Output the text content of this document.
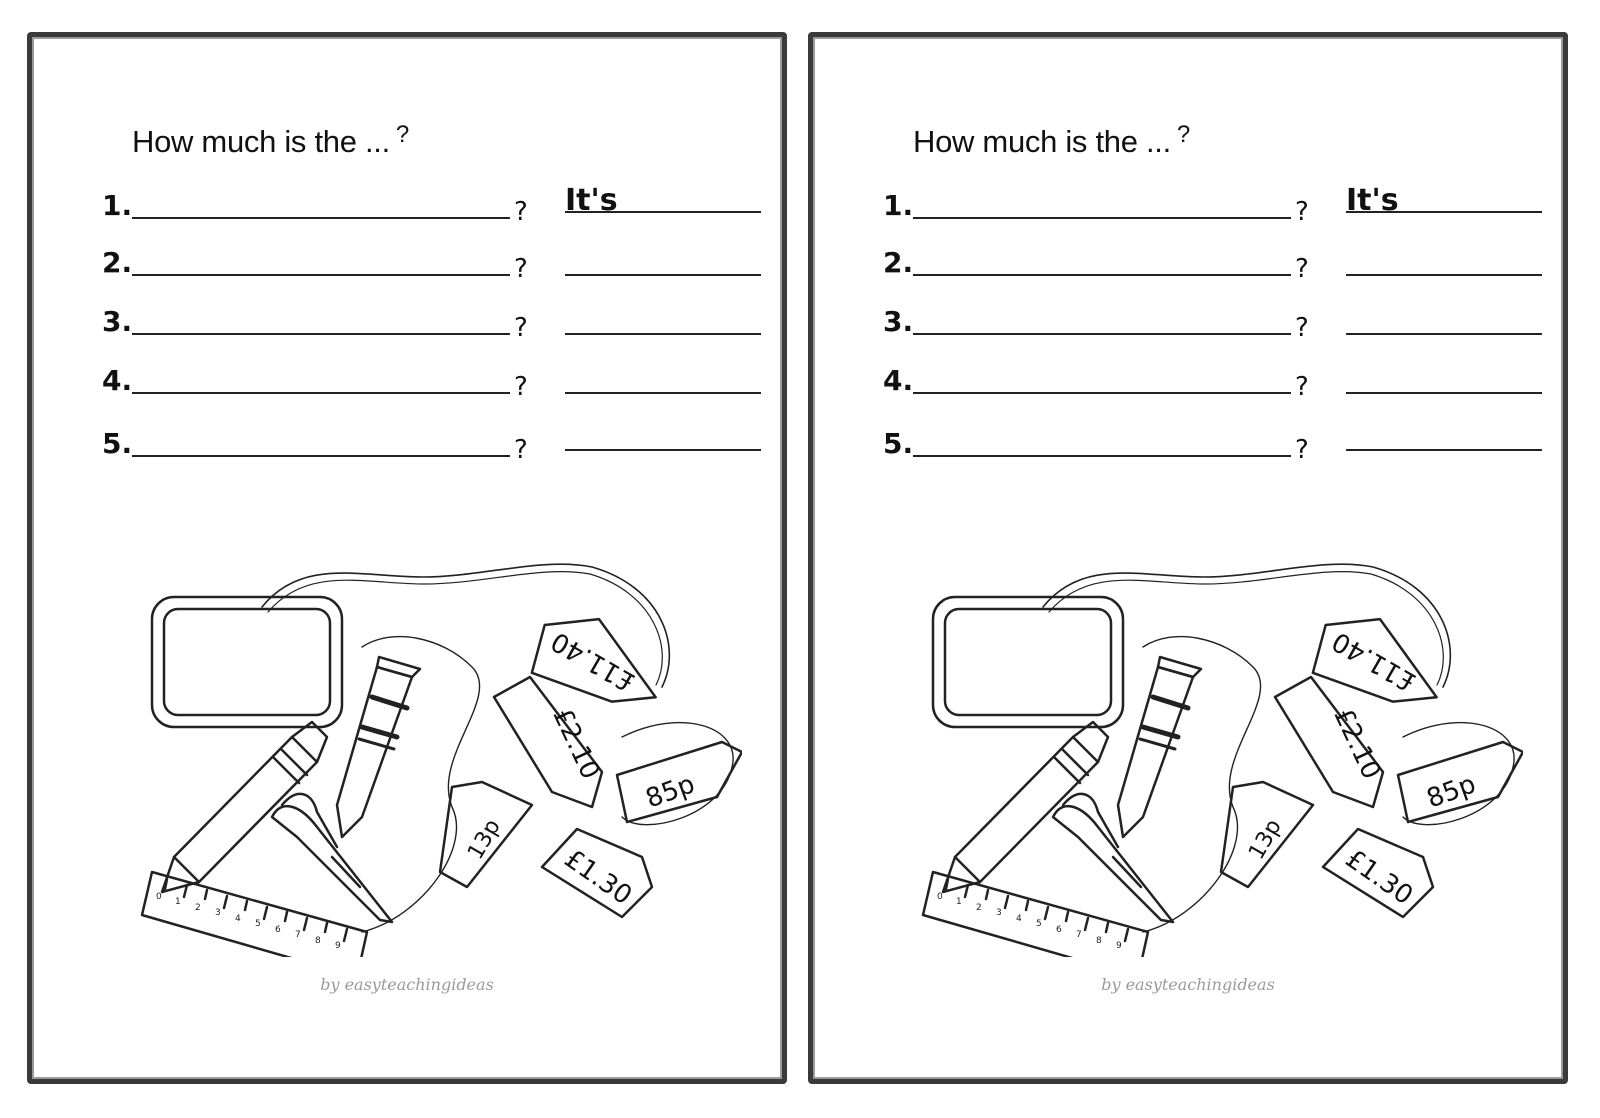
How much is the ... ?
It's
1.	?
2.	?
3.	?
4.	?
5.	?
£11.40
£2.10
85p
13p
£1.30
0 1
2 3
4 5
6 7
8 9
by easyteachingideas
How much is the ... ?
It's
1.	?
2.	?
3.	?
4.	?
5.	?
£11.40
£2.10
85p
13p
£1.30
0 1
2 3
4 5
6 7
8 9
by easyteachingideas
